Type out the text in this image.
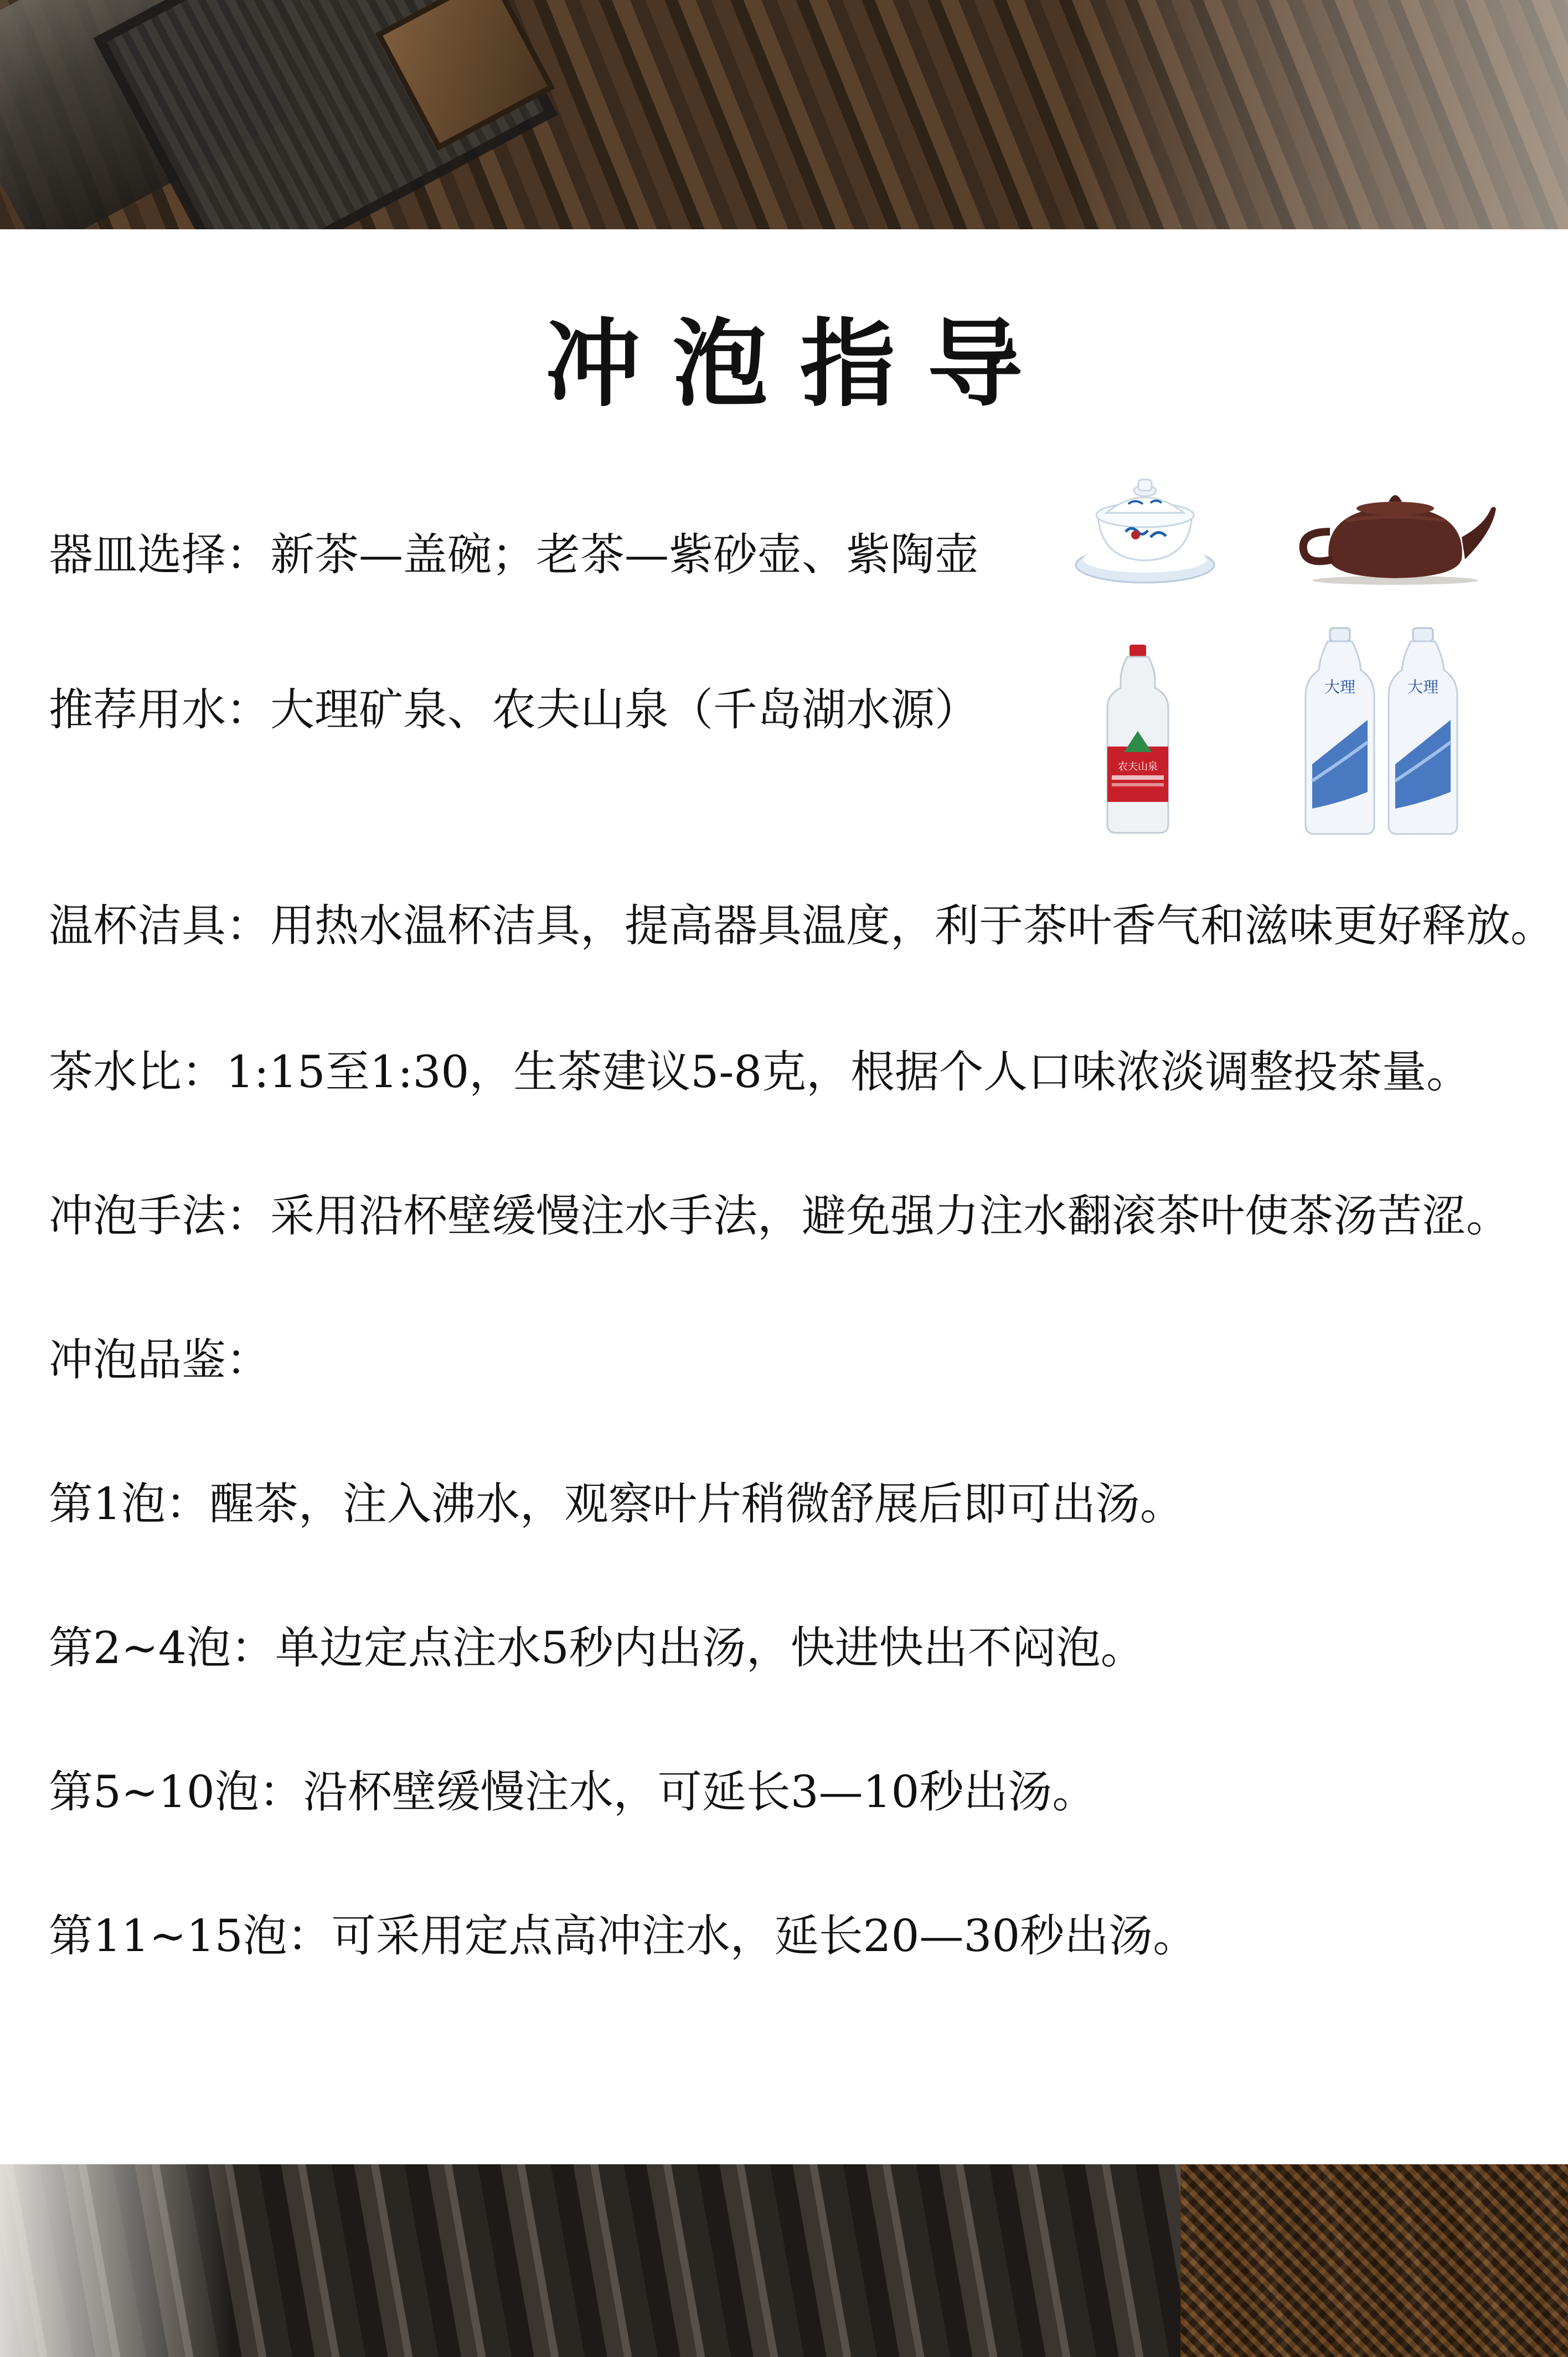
冲泡指导
农夫山泉
大理	大理

器皿选择：新茶—盖碗；老茶—紫砂壶、紫陶壶

推荐用水：大理矿泉、农夫山泉（千岛湖水源）

温杯洁具：用热水温杯洁具，提高器具温度，利于茶叶香气和滋味更好释放。

茶水比：1:15至1:30，生茶建议5-8克，根据个人口味浓淡调整投茶量。

冲泡手法：采用沿杯壁缓慢注水手法，避免强力注水翻滚茶叶使茶汤苦涩。

冲泡品鉴：

第1泡：醒茶，注入沸水，观察叶片稍微舒展后即可出汤。

第2~4泡：单边定点注水5秒内出汤，快进快出不闷泡。

第5~10泡：沿杯壁缓慢注水，可延长3—10秒出汤。

第11~15泡：可采用定点高冲注水，延长20—30秒出汤。
